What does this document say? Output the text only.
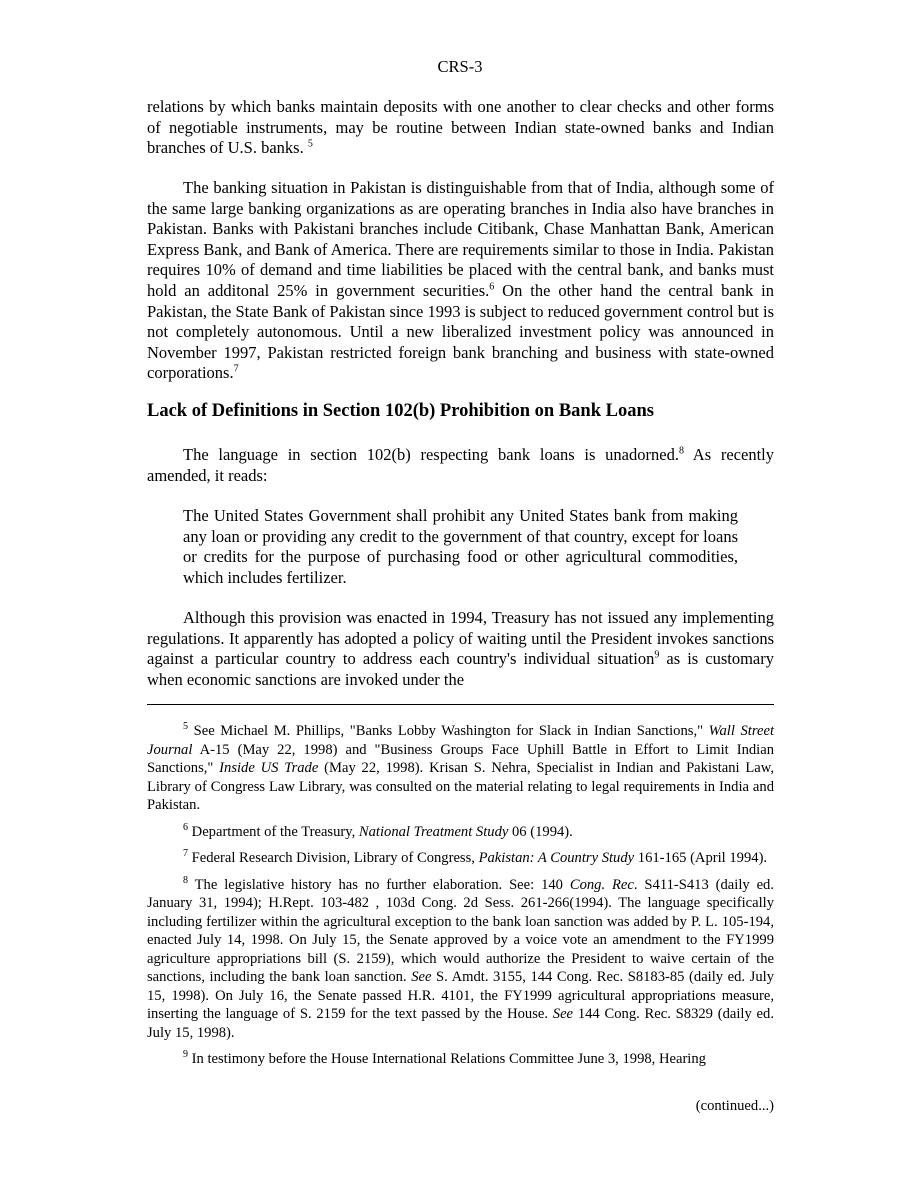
CRS-3

relations by which banks maintain deposits with one another to clear checks and other forms of negotiable instruments, may be routine between Indian state-owned banks and Indian branches of U.S. banks. $^5$

The banking situation in Pakistan is distinguishable from that of India, although some of the same large banking organizations as are operating branches in India also have branches in Pakistan. Banks with Pakistani branches include Citibank, Chase Manhattan Bank, American Express Bank, and Bank of America. There are requirements similar to those in India. Pakistan requires 10% of demand and time liabilities be placed with the central bank, and banks must hold an additonal 25% in government securities.$^6$ On the other hand the central bank in Pakistan, the State Bank of Pakistan since 1993 is subject to reduced government control but is not completely autonomous. Until a new liberalized investment policy was announced in November 1997, Pakistan restricted foreign bank branching and business with state-owned corporations.$^7$

Lack of Definitions in Section 102(b) Prohibition on Bank Loans

The language in section 102(b) respecting bank loans is unadorned.$^8$ As recently amended, it reads:

The United States Government shall prohibit any United States bank from making any loan or providing any credit to the government of that country, except for loans or credits for the purpose of purchasing food or other agricultural commodities, which includes fertilizer.

Although this provision was enacted in 1994, Treasury has not issued any implementing regulations. It apparently has adopted a policy of waiting until the President invokes sanctions against a particular country to address each country's individual situation$^9$ as is customary when economic sanctions are invoked under the

$^5$ See Michael M. Phillips, "Banks Lobby Washington for Slack in Indian Sanctions," Wall Street Journal A-15 (May 22, 1998) and "Business Groups Face Uphill Battle in Effort to Limit Indian Sanctions," Inside US Trade (May 22, 1998). Krisan S. Nehra, Specialist in Indian and Pakistani Law, Library of Congress Law Library, was consulted on the material relating to legal requirements in India and Pakistan.

$^6$ Department of the Treasury, National Treatment Study 06 (1994).

$^7$ Federal Research Division, Library of Congress, Pakistan: A Country Study 161-165 (April 1994).

$^8$ The legislative history has no further elaboration. See: 140 Cong. Rec. S411-S413 (daily ed. January 31, 1994); H.Rept. 103-482 , 103d Cong. 2d Sess. 261-266(1994). The language specifically including fertilizer within the agricultural exception to the bank loan sanction was added by P. L. 105-194, enacted July 14, 1998. On July 15, the Senate approved by a voice vote an amendment to the FY1999 agriculture appropriations bill (S. 2159), which would authorize the President to waive certain of the sanctions, including the bank loan sanction. See S. Amdt. 3155, 144 Cong. Rec. S8183-85 (daily ed. July 15, 1998). On July 16, the Senate passed H.R. 4101, the FY1999 agricultural appropriations measure, inserting the language of S. 2159 for the text passed by the House. See 144 Cong. Rec. S8329 (daily ed. July 15, 1998).

$^9$ In testimony before the House International Relations Committee June 3, 1998, Hearing

(continued...)
